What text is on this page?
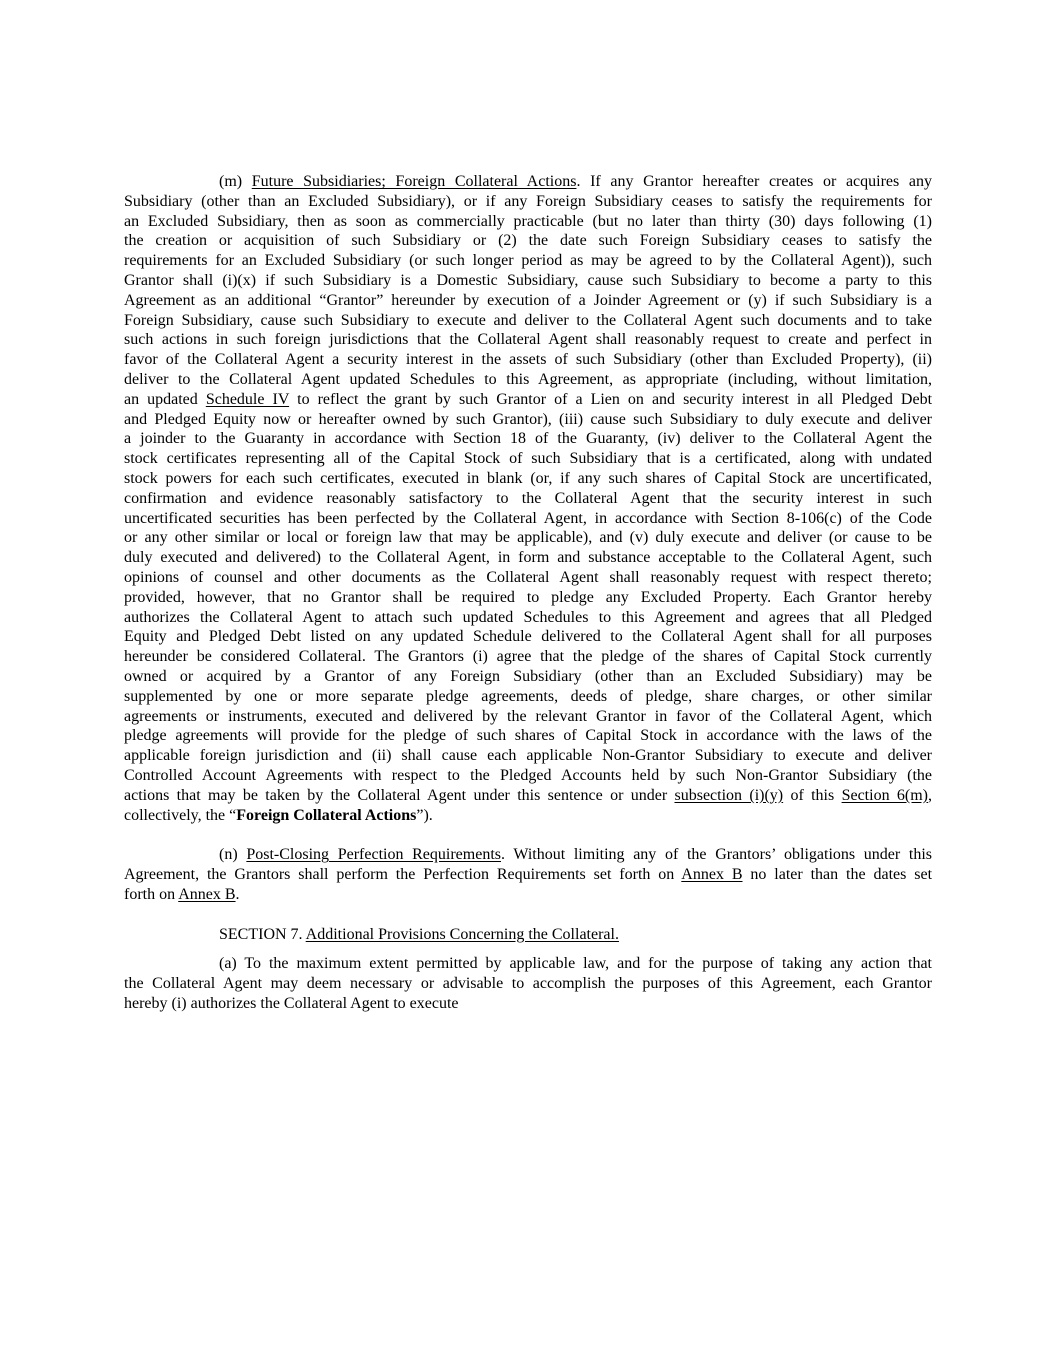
(m) Future Subsidiaries; Foreign Collateral Actions. If any Grantor hereafter creates or acquires any
Subsidiary (other than an Excluded Subsidiary), or if any Foreign Subsidiary ceases to satisfy the requirements for
an Excluded Subsidiary, then as soon as commercially practicable (but no later than thirty (30) days following (1)
the creation or acquisition of such Subsidiary or (2) the date such Foreign Subsidiary ceases to satisfy the
requirements for an Excluded Subsidiary (or such longer period as may be agreed to by the Collateral Agent)), such
Grantor shall (i)(x) if such Subsidiary is a Domestic Subsidiary, cause such Subsidiary to become a party to this
Agreement as an additional “Grantor” hereunder by execution of a Joinder Agreement or (y) if such Subsidiary is a
Foreign Subsidiary, cause such Subsidiary to execute and deliver to the Collateral Agent such documents and to take
such actions in such foreign jurisdictions that the Collateral Agent shall reasonably request to create and perfect in
favor of the Collateral Agent a security interest in the assets of such Subsidiary (other than Excluded Property), (ii)
deliver to the Collateral Agent updated Schedules to this Agreement, as appropriate (including, without limitation,
an updated Schedule IV to reflect the grant by such Grantor of a Lien on and security interest in all Pledged Debt
and Pledged Equity now or hereafter owned by such Grantor), (iii) cause such Subsidiary to duly execute and deliver
a joinder to the Guaranty in accordance with Section 18 of the Guaranty, (iv) deliver to the Collateral Agent the
stock certificates representing all of the Capital Stock of such Subsidiary that is a certificated, along with undated
stock powers for each such certificates, executed in blank (or, if any such shares of Capital Stock are uncertificated,
confirmation and evidence reasonably satisfactory to the Collateral Agent that the security interest in such
uncertificated securities has been perfected by the Collateral Agent, in accordance with Section 8-106(c) of the Code
or any other similar or local or foreign law that may be applicable), and (v) duly execute and deliver (or cause to be
duly executed and delivered) to the Collateral Agent, in form and substance acceptable to the Collateral Agent, such
opinions of counsel and other documents as the Collateral Agent shall reasonably request with respect thereto;
provided, however, that no Grantor shall be required to pledge any Excluded Property. Each Grantor hereby
authorizes the Collateral Agent to attach such updated Schedules to this Agreement and agrees that all Pledged
Equity and Pledged Debt listed on any updated Schedule delivered to the Collateral Agent shall for all purposes
hereunder be considered Collateral. The Grantors (i) agree that the pledge of the shares of Capital Stock currently
owned or acquired by a Grantor of any Foreign Subsidiary (other than an Excluded Subsidiary) may be
supplemented by one or more separate pledge agreements, deeds of pledge, share charges, or other similar
agreements or instruments, executed and delivered by the relevant Grantor in favor of the Collateral Agent, which
pledge agreements will provide for the pledge of such shares of Capital Stock in accordance with the laws of the
applicable foreign jurisdiction and (ii) shall cause each applicable Non-Grantor Subsidiary to execute and deliver
Controlled Account Agreements with respect to the Pledged Accounts held by such Non-Grantor Subsidiary (the
actions that may be taken by the Collateral Agent under this sentence or under subsection (i)(y) of this Section 6(m),
collectively, the “Foreign Collateral Actions”).
(n) Post-Closing Perfection Requirements. Without limiting any of the Grantors’ obligations under this
Agreement, the Grantors shall perform the Perfection Requirements set forth on Annex B no later than the dates set
forth on Annex B.

SECTION 7. Additional Provisions Concerning the Collateral.

(a) To the maximum extent permitted by applicable law, and for the purpose of taking any action that
the Collateral Agent may deem necessary or advisable to accomplish the purposes of this Agreement, each Grantor
hereby (i) authorizes the Collateral Agent to execute
